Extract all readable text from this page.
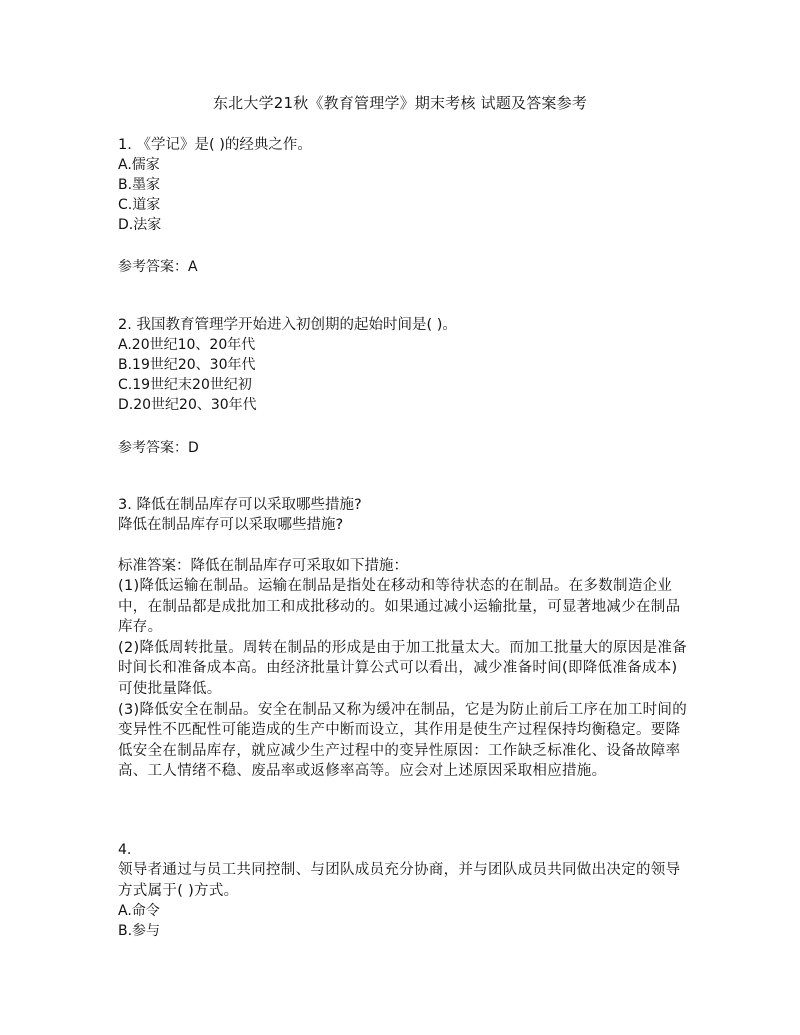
东北大学21秋《教育管理学》期末考核 试题及答案参考
1. 《学记》是( )的经典之作。
A.儒家
B.墨家
C.道家
D.法家
参考答案：A
2. 我国教育管理学开始进入初创期的起始时间是( )。
A.20世纪10、20年代
B.19世纪20、30年代
C.19世纪末20世纪初
D.20世纪20、30年代
参考答案：D
3. 降低在制品库存可以采取哪些措施?
降低在制品库存可以采取哪些措施?
标准答案：降低在制品库存可采取如下措施：
(1)降低运输在制品。运输在制品是指处在移动和等待状态的在制品。在多数制造企业中，在制品都是成批加工和成批移动的。如果通过减小运输批量，可显著地减少在制品库存。
(2)降低周转批量。周转在制品的形成是由于加工批量太大。而加工批量大的原因是准备时间长和准备成本高。由经济批量计算公式可以看出，减少准备时间(即降低准备成本)可使批量降低。
(3)降低安全在制品。安全在制品又称为缓冲在制品，它是为防止前后工序在加工时间的变异性不匹配性可能造成的生产中断而设立，其作用是使生产过程保持均衡稳定。要降低安全在制品库存，就应减少生产过程中的变异性原因：工作缺乏标准化、设备故障率高、工人情绪不稳、废品率或返修率高等。应会对上述原因采取相应措施。
4.
领导者通过与员工共同控制、与团队成员充分协商，并与团队成员共同做出决定的领导方式属于( )方式。
A.命令
B.参与
